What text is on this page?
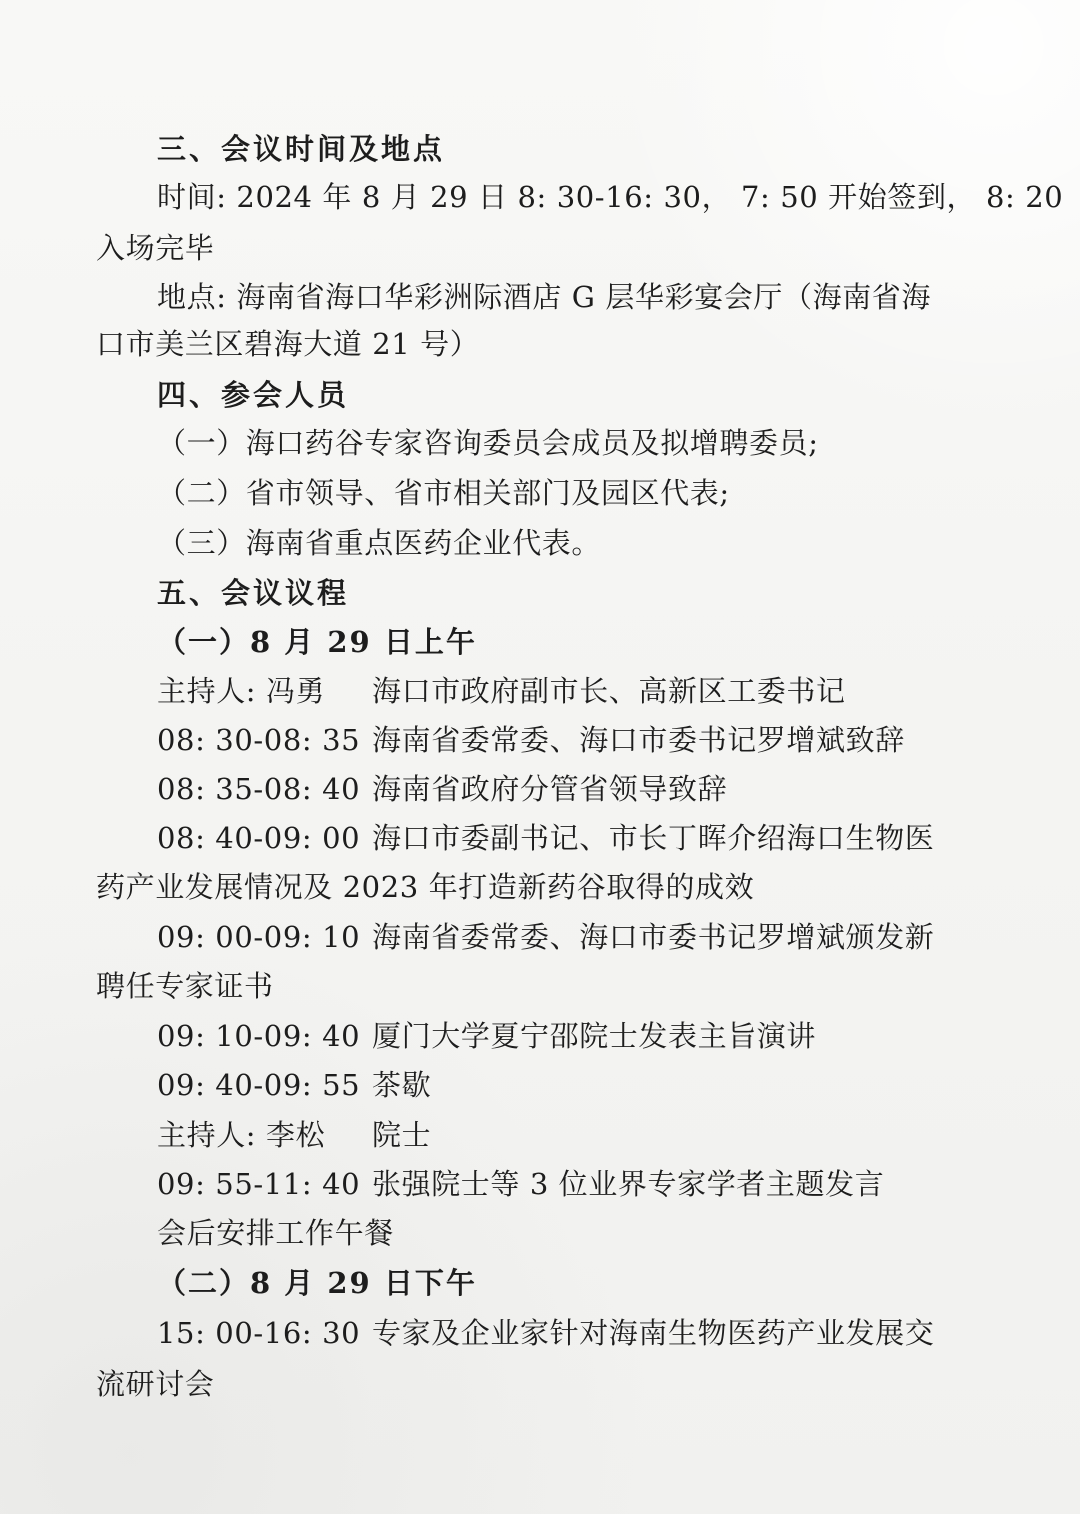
三、会议时间及地点
时间: 2024 年 8 月 29 日 8: 30-16: 30， 7: 50 开始签到， 8: 20
入场完毕
地点: 海南省海口华彩洲际酒店 G 层华彩宴会厅（海南省海
口市美兰区碧海大道 21 号）
四、参会人员
（一）海口药谷专家咨询委员会成员及拟增聘委员;
（二）省市领导、省市相关部门及园区代表;
（三）海南省重点医药企业代表。
五、会议议程
（一）8 月 29 日上午
主持人: 冯勇 海口市政府副市长、高新区工委书记
08: 30-08: 35 海南省委常委、海口市委书记罗增斌致辞
08: 35-08: 40 海南省政府分管省领导致辞
08: 40-09: 00 海口市委副书记、市长丁晖介绍海口生物医
药产业发展情况及 2023 年打造新药谷取得的成效
09: 00-09: 10 海南省委常委、海口市委书记罗增斌颁发新
聘任专家证书
09: 10-09: 40 厦门大学夏宁邵院士发表主旨演讲
09: 40-09: 55 茶歇
主持人: 李松 院士
09: 55-11: 40 张强院士等 3 位业界专家学者主题发言
会后安排工作午餐
（二）8 月 29 日下午
15: 00-16: 30 专家及企业家针对海南生物医药产业发展交
流研讨会
